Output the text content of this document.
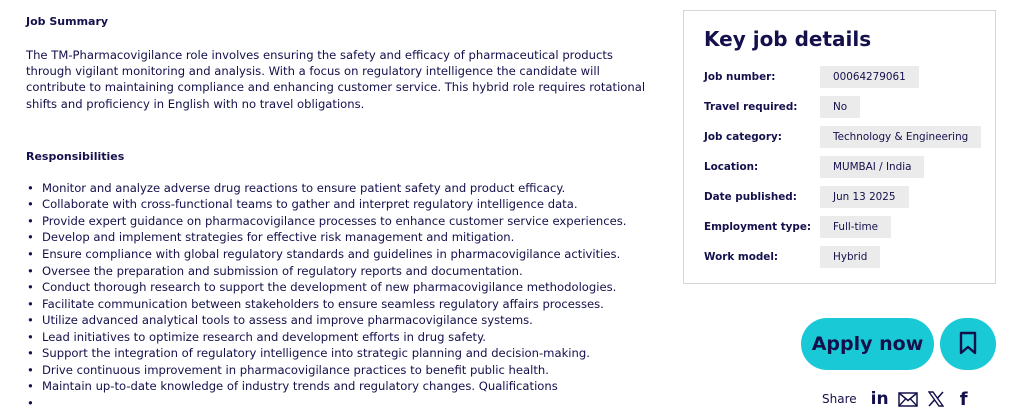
Job Summary

The TM-Pharmacovigilance role involves ensuring the safety and efficacy of pharmaceutical products through vigilant monitoring and analysis. With a focus on regulatory intelligence the candidate will contribute to maintaining compliance and enhancing customer service. This hybrid role requires rotational shifts and proficiency in English with no travel obligations.

Responsibilities
• Monitor and analyze adverse drug reactions to ensure patient safety and product efficacy.
• Collaborate with cross-functional teams to gather and interpret regulatory intelligence data.
• Provide expert guidance on pharmacovigilance processes to enhance customer service experiences.
• Develop and implement strategies for effective risk management and mitigation.
• Ensure compliance with global regulatory standards and guidelines in pharmacovigilance activities.
• Oversee the preparation and submission of regulatory reports and documentation.
• Conduct thorough research to support the development of new pharmacovigilance methodologies.
• Facilitate communication between stakeholders to ensure seamless regulatory affairs processes.
• Utilize advanced analytical tools to assess and improve pharmacovigilance systems.
• Lead initiatives to optimize research and development efforts in drug safety.
• Support the integration of regulatory intelligence into strategic planning and decision-making.
• Drive continuous improvement in pharmacovigilance practices to benefit public health.
• Maintain up-to-date knowledge of industry trends and regulatory changes. Qualifications
•
Key job details
Job number:	00064279061
Travel required:	No
Job category:	Technology & Engineering
Location:	MUMBAI / India
Date published:	Jun 13 2025
Employment type:	Full-time
Work model:	Hybrid
Apply now
Share in	f
